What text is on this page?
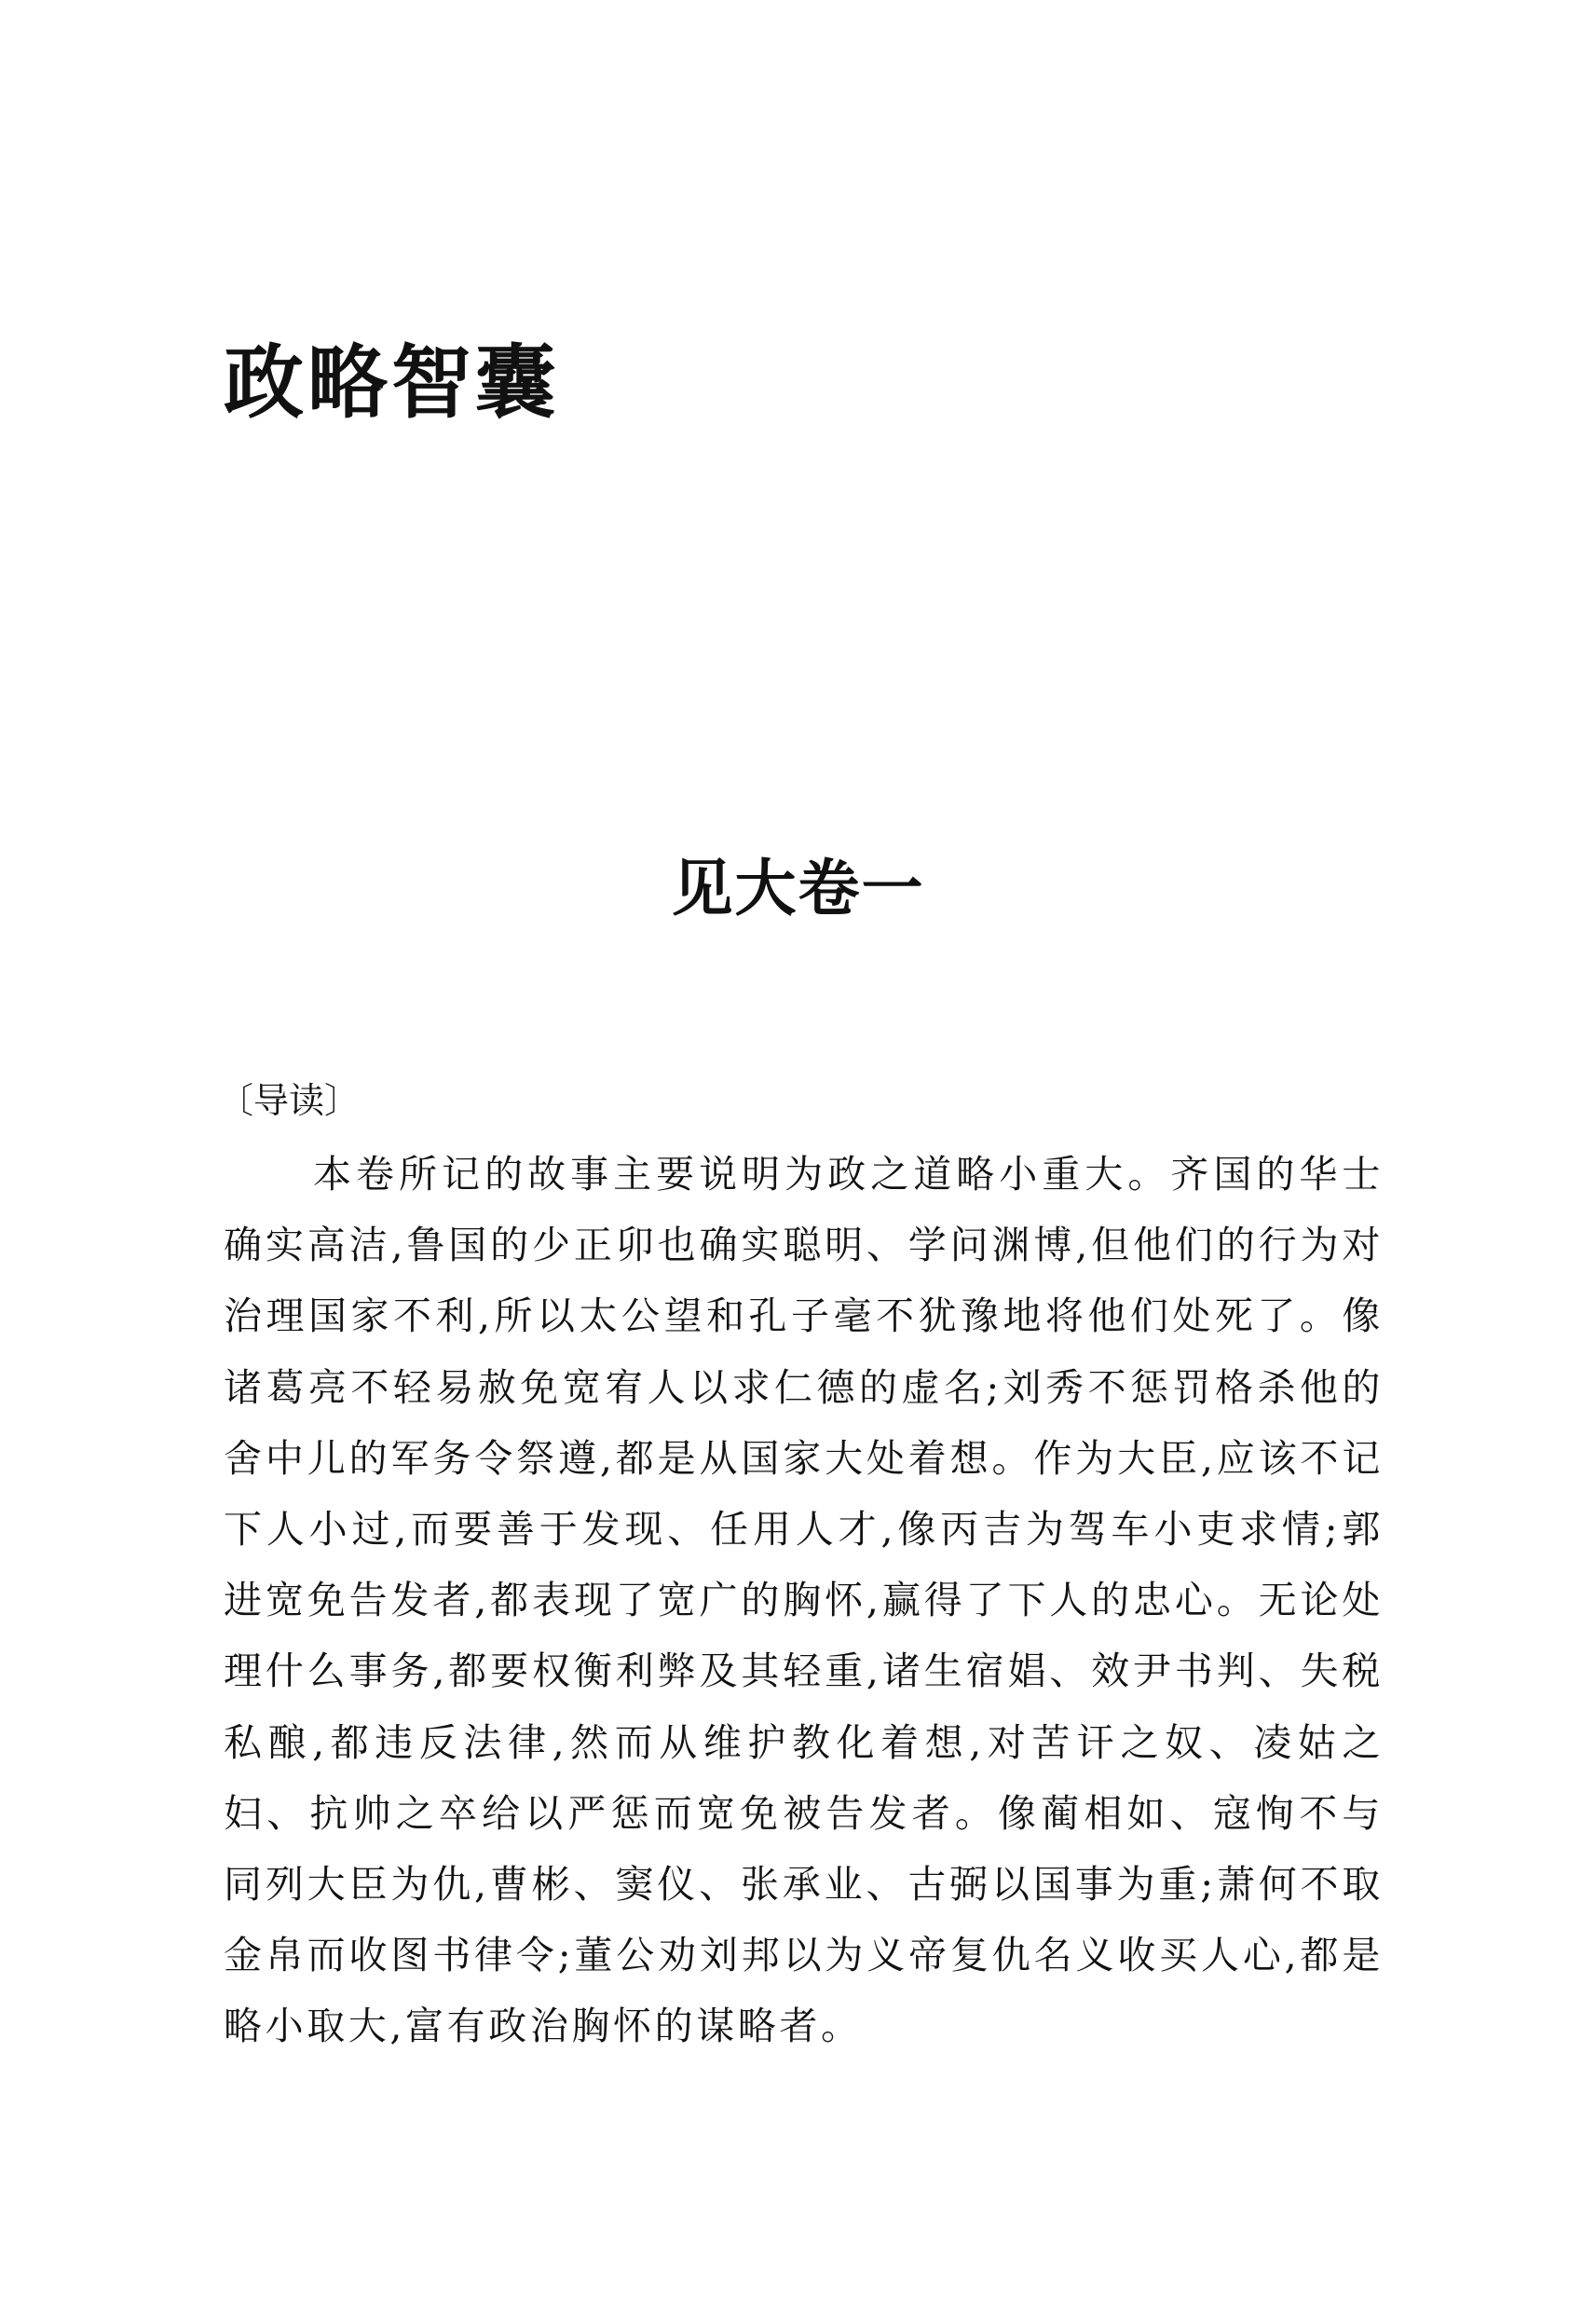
政略智囊
见大卷一
〔导读〕

本卷所记的故事主要说明为政之道略小重大。齐国的华士确实高洁,鲁国的少正卯也确实聪明、学问渊博,但他们的行为对治理国家不利,所以太公望和孔子毫不犹豫地将他们处死了。像诸葛亮不轻易赦免宽宥人以求仁德的虚名;刘秀不惩罚格杀他的舍中儿的军务令祭遵,都是从国家大处着想。作为大臣,应该不记下人小过,而要善于发现、任用人才,像丙吉为驾车小吏求情;郭进宽免告发者,都表现了宽广的胸怀,赢得了下人的忠心。无论处理什么事务,都要权衡利弊及其轻重,诸生宿娼、效尹书判、失税私酿,都违反法律,然而从维护教化着想,对苦讦之奴、凌姑之妇、抗帅之卒给以严惩而宽免被告发者。像蔺相如、寇恂不与同列大臣为仇,曹彬、窦仪、张承业、古弼以国事为重;萧何不取金帛而收图书律令;董公劝刘邦以为义帝复仇名义收买人心,都是略小取大,富有政治胸怀的谋略者。
